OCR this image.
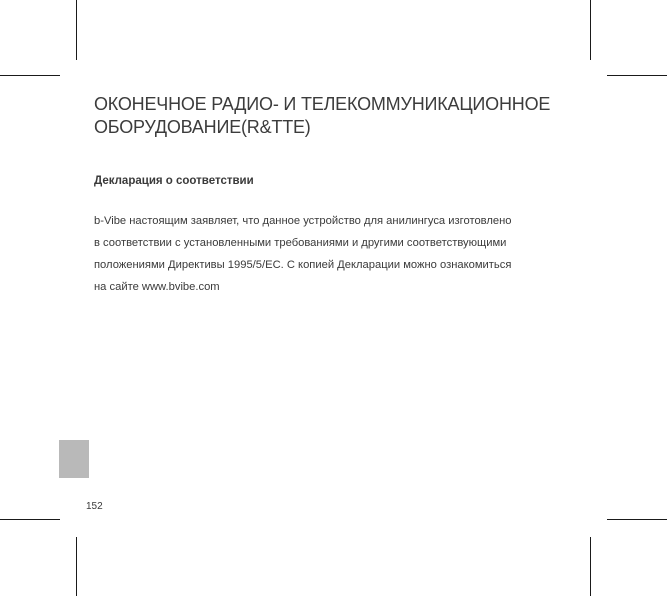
ОКОНЕЧНОЕ РАДИО- И ТЕЛЕКОММУНИКАЦИОННОЕ
ОБОРУДОВАНИЕ(R&TTE)
Декларация о соответствии

b-Vibe настоящим заявляет, что данное устройство для анилингуса изготовлено
в соответствии с установленными требованиями и другими соответствующими
положениями Директивы 1995/5/ЕС. С копией Декларации можно ознакомиться
на сайте www.bvibe.com

152
